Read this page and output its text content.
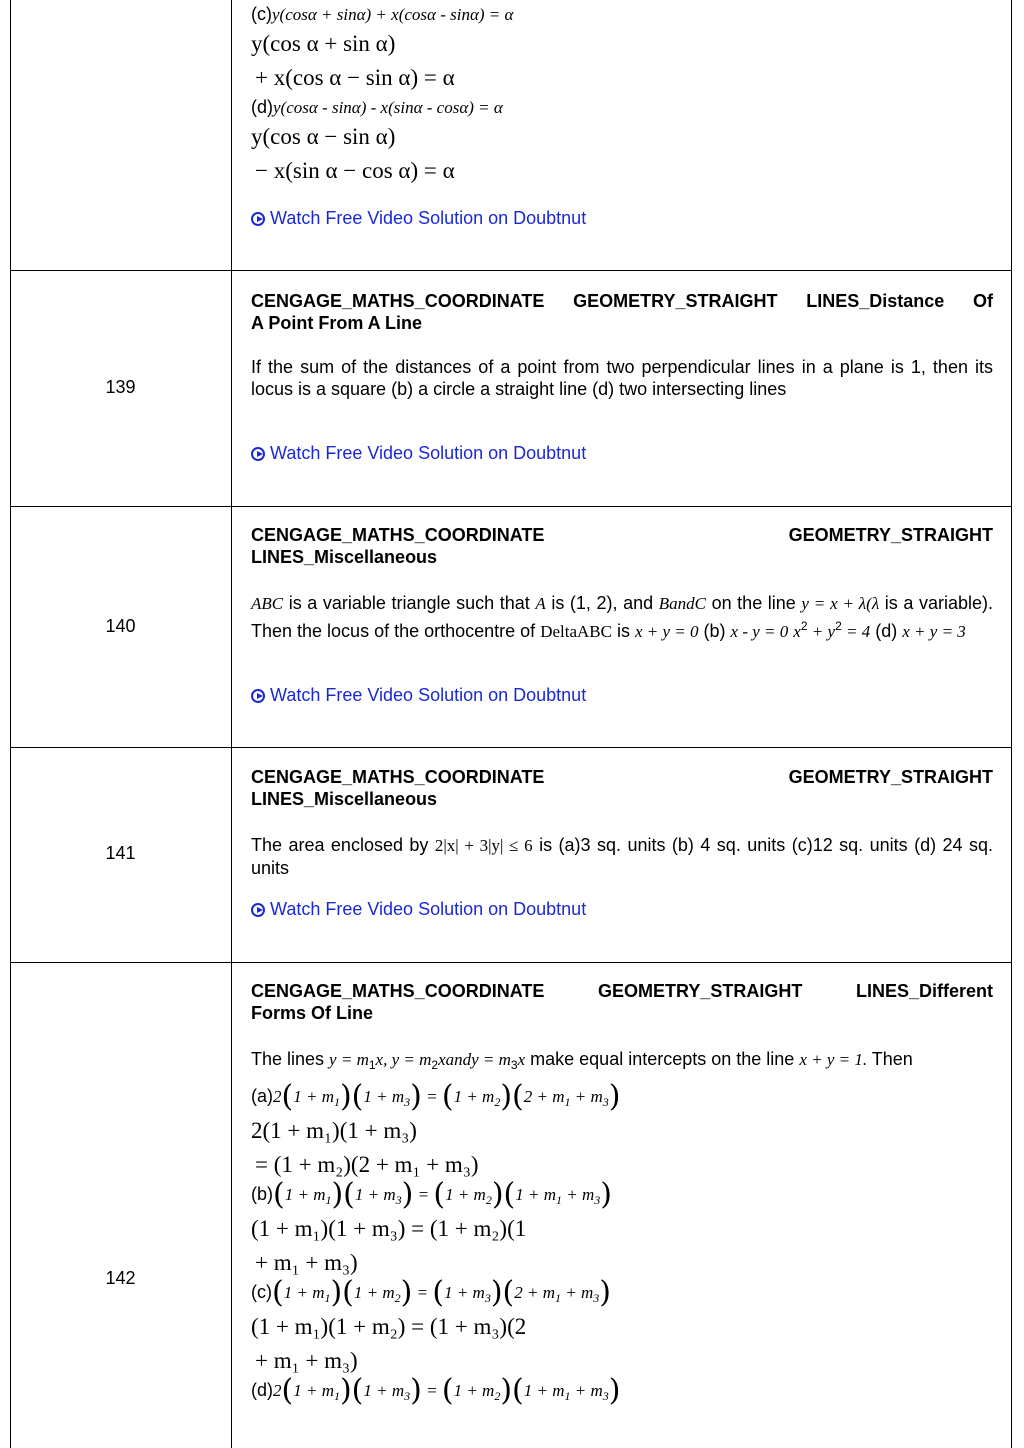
(c)y(cosα + sinα) + x(cosα - sinα) = α
y(cos α + sin α)
+ x(cos α − sin α) = α
(d)y(cosα - sinα) - x(sinα - cosα) = α
y(cos α − sin α)
− x(sin α − cos α) = α
Watch Free Video Solution on Doubtnut
139
CENGAGE_MATHS_COORDINATE GEOMETRY_STRAIGHT LINES_Distance Of
A Point From A Line
If the sum of the distances of a point from two perpendicular lines in a plane is 1, then its locus is a square (b) a circle a straight line (d) two intersecting lines
Watch Free Video Solution on Doubtnut
140
CENGAGE_MATHS_COORDINATE GEOMETRY_STRAIGHT
LINES_Miscellaneous
ABC is a variable triangle such that A is (1, 2), and BandC on the line y = x + λ(λ is a variable). Then the locus of the orthocentre of DeltaABC is x + y = 0 (b) x - y = 0 $x^2 + y^2 = 4$ (d) x + y = 3
Watch Free Video Solution on Doubtnut
141
CENGAGE_MATHS_COORDINATE GEOMETRY_STRAIGHT
LINES_Miscellaneous
The area enclosed by 2|x| + 3|y| ≤ 6 is (a)3 sq. units (b) 4 sq. units (c)12 sq. units (d) 24 sq. units
Watch Free Video Solution on Doubtnut
142
CENGAGE_MATHS_COORDINATE GEOMETRY_STRAIGHT LINES_Different
Forms Of Line
The lines $y = m_1x$, $y = m_2xandy = m_3x$ make equal intercepts on the line x + y = 1. Then
$(a)2(1 + m_1)(1 + m_3) = (1 + m_2)(2 + m_1 + m_3)$
2(1 + m₁)(1 + m₃)
= (1 + m₂)(2 + m₁ + m₃)
$(b)(1 + m_1)(1 + m_3) = (1 + m_2)(1 + m_1 + m_3)$
(1 + m₁)(1 + m₃) = (1 + m₂)(1
+ m₁ + m₃)
$(c)(1 + m_1)(1 + m_2) = (1 + m_3)(2 + m_1 + m_3)$
(1 + m₁)(1 + m₂) = (1 + m₃)(2
+ m₁ + m₃)
$(d)2(1 + m_1)(1 + m_3) = (1 + m_2)(1 + m_1 + m_3)$
